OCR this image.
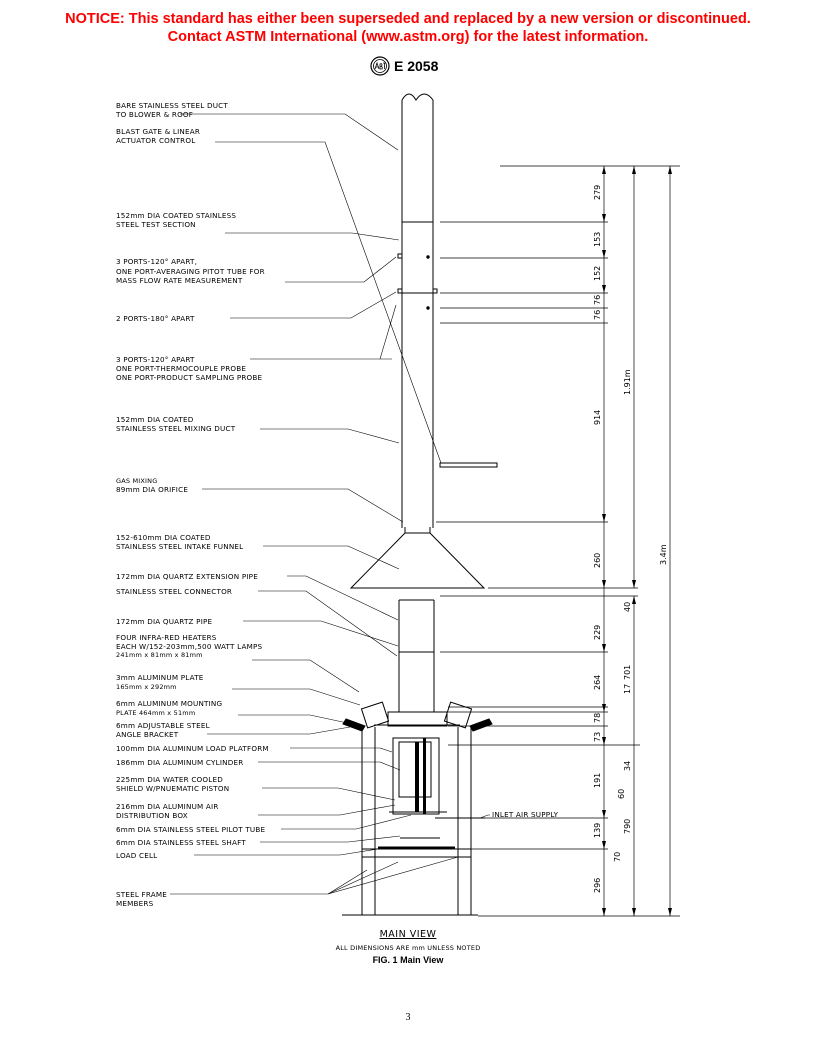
NOTICE: This standard has either been superseded and replaced by a new version or discontinued.
Contact ASTM International (www.astm.org) for the latest information.
E 2058
279
153
152
76
76
914
260
40
229
264	17
78
73
191
34
60
139
70
296
701
790
1.91m
3.4m
BARE STAINLESS STEEL DUCT
TO BLOWER & ROOF
BLAST GATE & LINEAR
ACTUATOR CONTROL
152mm DIA COATED STAINLESS
STEEL TEST SECTION
3 PORTS-120° APART,
ONE PORT-AVERAGING PITOT TUBE FOR
MASS FLOW RATE MEASUREMENT
2 PORTS-180° APART
3 PORTS-120° APART
ONE PORT-THERMOCOUPLE PROBE
ONE PORT-PRODUCT SAMPLING PROBE
152mm DIA COATED
STAINLESS STEEL MIXING DUCT
GAS MIXING
89mm DIA ORIFICE
152-610mm DIA COATED
STAINLESS STEEL INTAKE FUNNEL
172mm DIA QUARTZ EXTENSION PIPE
STAINLESS STEEL CONNECTOR
172mm DIA QUARTZ PIPE
FOUR INFRA-RED HEATERS
EACH W/152-203mm,500 WATT LAMPS
241mm x 81mm x 81mm
3mm ALUMINUM PLATE
165mm x 292mm
6mm ALUMINUM MOUNTING
PLATE 464mm x 51mm
6mm ADJUSTABLE STEEL
ANGLE BRACKET
100mm DIA ALUMINUM LOAD PLATFORM
186mm DIA ALUMINUM CYLINDER
225mm DIA WATER COOLED
SHIELD W/PNUEMATIC PISTON
216mm DIA ALUMINUM AIR
DISTRIBUTION BOX
6mm DIA STAINLESS STEEL PILOT TUBE
6mm DIA STAINLESS STEEL SHAFT
LOAD CELL
STEEL FRAME
MEMBERS
INLET AIR SUPPLY
MAIN VIEW
ALL DIMENSIONS ARE mm UNLESS NOTED
FIG. 1 Main View
3
